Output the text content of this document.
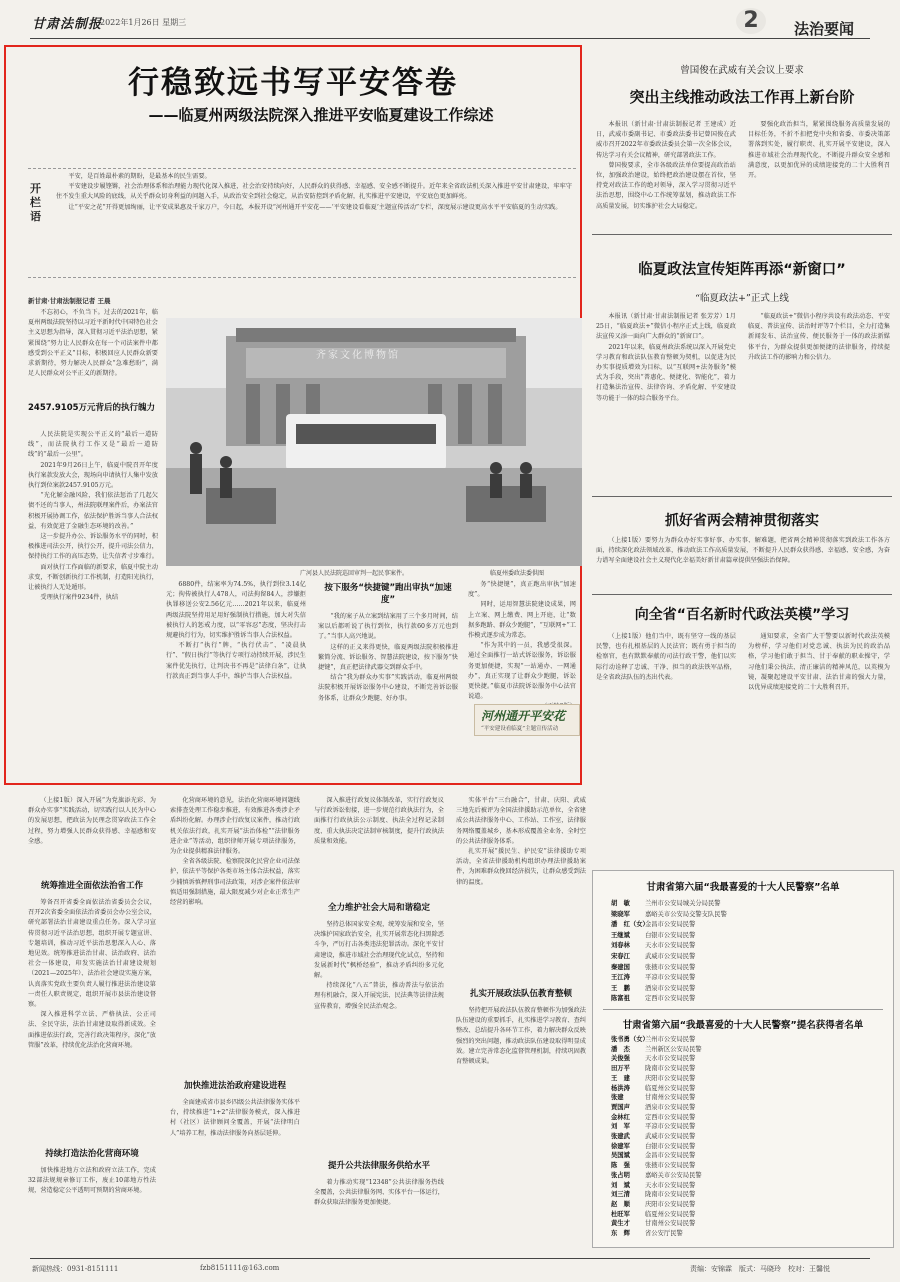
甘肃法制报
2022年1月26日 星期三	2	法治要闻
行稳致远书写平安答卷
——临夏州两级法院深入推进平安临夏建设工作综述
开栏语

平安，是百姓最朴素的期盼，是最基本的民生需要。

平安建设步履铿锵，社会治理体系和治理能力现代化深入推进，社会治安持续向好，人民群众的获得感、幸福感、安全感不断提升。近年来全省政法机关深入推进平安甘肃建设，牢牢守住不发生重大风险的底线，从关乎群众切身利益的问题入手，从政治安全到社会稳定，从治安防控到矛盾化解，扎实推进平安建设，平安底色更加鲜亮。

让“平安之花”开得更加绚丽，让平安成果惠及千家万户，今日起，本报开设“河州通开平安花——‘平安建设看临夏’主题宣传活动”专栏，深度展示建设更高水平平安临夏的生动实践。

新甘肃·甘肃法制报记者 王晨
齐家文化博物馆
广河县人民法院巡回审判一起民事案件。	临夏州委政法委供图

不忘初心，不负当下。过去的2021年，临夏州两级法院坚持以习近平新时代中国特色社会主义思想为指导，深入贯彻习近平法治思想，紧紧围绕“努力让人民群众在每一个司法案件中都感受到公平正义”目标，积极回应人民群众新要求新期待，努力解决人民群众“急难愁盼”，满足人民群众对公平正义的新期待。

2457.9105万元背后的执行魄力

人民法院是实现公平正义的“最后一道防线”，而法院执行工作又是“最后一道防线”的“最后一公里”。

2021年9月26日上午，临夏中院召开年度执行案款发放大会，现场向申请执行人集中发放执行到位案款2457.9105万元。

“光化解金融风险，我们依法惩治了几起欠债不还的当事人，州法院联理案件后，办案法官积极开展协调工作，依法保护胜诉当事人合法权益，有效促进了金融生态环境的改善。”

这一步提升办公、诉讼服务水平的同时，积极推进司法公开，执行公开，提升司法公信力，保持执行工作的高压态势，让失信者寸步难行。

面对执行工作面临的新要求，临夏中院主动求变，不断创新执行工作机制，打造阳光执行，让被执行人无处遁形。

受理执行案件9234件，执结

6880件，结案率为74.5%，执行到位3.14亿元；拘传被执行人478人，司法拘留84人，涉嫌拒执罪移送公安2.56亿元……2021年以来，临夏州两级法院坚持用足用好强制执行措施，加大对失信被执行人的惩戒力度，以“零容忍”态度，坚决打击规避执行行为，切实维护胜诉当事人合法权益。

不断打“执行”牌，“执行伏击”、“凌晨执行”、“假日执行”等执行专项行动持续开展，涉民生案件优先执行，让判决书不再是“法律白条”，让执行款真正到当事人手中，维护当事人合法权益。

按下服务“快捷键”跑出审执“加速度”

“我的案子从立案到结案用了三个多月时间，结案以后都听说了执行到位，执行款60多万元也到了。”当事人高兴地说。

这样的正义来得更快，临夏两级法院积极推进繁简分流、诉讼服务、智慧法院建设，按下服务“快捷键”，真正把法律武器交到群众手中。

结合“我为群众办实事”实践活动，临夏州两级法院积极开展诉讼服务中心建设，不断完善诉讼服务体系，让群众少跑腿、好办事。

务“快捷键”，真正跑出审执“加速度”。

同时，运用智慧法院建设成果，网上立案、网上缴费、网上开庭，让“数据多跑路、群众少跑腿”，“互联网+”工作模式逐步成为常态。

“作为其中的一员，我感受很深。通过全面推行一站式诉讼服务，诉讼服务更加便捷，实现“一站通办、一网通办”，真正实现了让群众少跑腿，诉讼更快捷。”临夏市法院诉讼服务中心法官说道。

河州通开平安花
“平安建设看临夏”主题宣传活动
曾国俊在武威有关会议上要求
突出主线推动政法工作再上新台阶

本报讯（新甘肃·甘肃法制报记者 王建成）近日，武威市委副书记、市委政法委书记曾国俊在武威市召开2022年市委政法委员会第一次全体会议，传达学习有关会议精神，研究部署政法工作。

曾国俊要求，全市各级政法单位要提高政治站位，加强政治建设，始终把政治建设摆在首位，坚持党对政法工作的绝对领导，深入学习贯彻习近平法治思想，围绕中心工作统筹谋划，推动政法工作高质量发展，切实维护社会大局稳定。

要强化政治担当，紧紧围绕服务高质量发展的目标任务，不折不扣把党中央和省委、市委决策部署落到实处，履行职责、扎实开展平安建设，深入推进市域社会治理现代化，不断提升群众安全感和满意度，以更加优异的成绩迎接党的二十大胜利召开。

临夏政法宣传矩阵再添“新窗口”
“临夏政法+”正式上线

本报讯（新甘肃·甘肃法制报记者 张芳芳）1月25日，“临夏政法+”微信小程序正式上线，临夏政法宣传又添一面向广大群众的“新窗口”。

2021年以来，临夏州政法系统以深入开展党史学习教育和政法队伍教育整顿为契机，以促进为民办实事提质增效为目标，以“互联网+法务服务”模式为手段，突出“普惠化、便捷化、智能化”，着力打造集法治宣传、法律咨询、矛盾化解、平安建设等功能于一体的综合服务平台。

“临夏政法+”微信小程序共设有政法动态、平安临夏、普法宣传、法治时评等7个栏目，全力打造集新闻发布、法治宣传、便民服务于一体的政法新媒体平台，为群众提供更加便捷的法律服务，持续提升政法工作的影响力和公信力。

抓好省两会精神贯彻落实

（上接1版）要努力为群众办好实事好事、办实事、解难题，把省两会精神贯彻落实到政法工作各方面，持续深化政法领域改革，推动政法工作高质量发展，不断提升人民群众获得感、幸福感、安全感，为奋力谱写全面建设社会主义现代化幸福美好新甘肃篇章提供坚强法治保障。

向全省“百名新时代政法英模”学习

（上接1版）他们当中，既有坚守一线的基层民警，也有扎根基层的人民法官；既有勇于担当的检察官，也有默默奉献的司法行政干警，他们以实际行动诠释了忠诚、干净、担当的政法铁军品格，是全省政法队伍的杰出代表。

通知要求，全省广大干警要以新时代政法英模为榜样，学习他们对党忠诚、执法为民的政治品格，学习他们敢于担当、甘于奉献的职业操守，学习他们秉公执法、清正廉洁的精神风范，以英模为镜，凝聚起建设平安甘肃、法治甘肃的强大力量，以优异成绩迎接党的二十大胜利召开。

（上接1版）深入开展“为党旗添光彩、为群众办实事”实践活动，切实践行以人民为中心的发展思想，把政法为民理念贯穿政法工作全过程，努力增强人民群众获得感、幸福感和安全感。

统筹推进全面依法治省工作

筹备召开省委全面依法治省委员会会议，召开2次省委全面依法治省委员会办公室会议，研究部署法治甘肃建设重点任务。深入学习宣传贯彻习近平法治思想，组织开展专题宣讲、专题培训，推动习近平法治思想深入人心、落地见效。统筹推进法治甘肃、法治政府、法治社会一体建设，印发实施法治甘肃建设规划（2021—2025年）、法治社会建设实施方案，认真落实党政主要负责人履行推进法治建设第一责任人职责规定，组织开展市县法治建设督察。

深入推进科学立法、严格执法、公正司法、全民守法，法治甘肃建设取得新成效。全面推进依法行政，完善行政决策程序，深化“放管服”改革，持续优化法治化营商环境。

持续打造法治化营商环境

加快推进地方立法和政府立法工作，完成32部法规规章修订工作，废止10部地方性法规，营造稳定公平透明可预期的营商环境。

化营商环境的意见，法治化营商环境问题线索排查处理工作稳步推进，有效推进各类涉企矛盾纠纷化解。办理涉企行政复议案件，推动行政机关依法行政，扎实开展“法治体检”“法律服务进企业”等活动，组织律师开展专项法律服务，为企业提供精准法律服务。

全省各级法院、检察院深化民营企业司法保护，依法平等保护各类市场主体合法权益，落实少捕慎诉慎押刑事司法政策，对涉企案件依法审慎适用强制措施，最大限度减少对企业正常生产经营的影响。

加快推进法治政府建设进程

全面建成省市县乡四级公共法律服务实体平台，持续推进“1+2”法律服务模式，深入推进村（社区）法律顾问全覆盖，开展“法律明白人”培养工程，推动法律服务向基层延伸。

深入推进行政复议体制改革，实行行政复议与行政诉讼衔接，进一步规范行政执法行为，全面推行行政执法公示制度、执法全过程记录制度、重大执法决定法制审核制度，提升行政执法质量和效能。

全力维护社会大局和谐稳定

坚持总体国家安全观，统筹发展和安全，坚决维护国家政治安全，扎实开展常态化扫黑除恶斗争，严厉打击各类违法犯罪活动。深化平安甘肃建设，推进市域社会治理现代化试点，坚持和发展新时代“枫桥经验”，推动矛盾纠纷多元化解。

持续深化“八五”普法，推动普法与依法治理有机融合，深入开展宪法、民法典等法律法规宣传教育，增强全民法治观念。

提升公共法律服务供给水平

着力推动实现“12348”公共法律服务热线全覆盖，公共法律服务网、实体平台一体运行，群众获取法律服务更加便捷。

实体平台“三台融合”，甘肃、庆阳、武威三地先后被评为全国法律援助示范单位，全省建成公共法律服务中心、工作站、工作室，法律服务网络覆盖城乡，基本形成覆盖全业务、全时空的公共法律服务体系。

扎实开展“援民生、护民安”法律援助专项活动，全省法律援助机构组织办理法律援助案件，为困难群众挽回经济损失，让群众感受到法律的温度。

扎实开展政法队伍教育整顿

坚持把开展政法队伍教育整顿作为加强政法队伍建设的重要抓手，扎实推进学习教育、查纠整改、总结提升各环节工作，着力解决群众反映强烈的突出问题，推动政法队伍建设取得明显成效。建立完善常态化监督管理机制，持续巩固教育整顿成果。

甘肃省第六届“我最喜爱的十大人民警察”名单
胡　敏 兰州市公安局城关分局民警
梁晓军 嘉峪关市公安局交警支队民警
潘　红（女）金昌市公安局民警
王继斌 白银市公安局民警
刘春林 天水市公安局民警
宋春江 武威市公安局民警
秦建国 张掖市公安局民警
王江涛 平凉市公安局民警
王　鹏 酒泉市公安局民警
陈富祖 定西市公安局民警
甘肃省第六届“我最喜爱的十大人民警察”提名获得者名单
张书勇（女）兰州市公安局民警
潘　杰 兰州新区公安局民警
关俊强 天水市公安局民警
田万平 陇南市公安局民警
王　建 庆阳市公安局民警
杨洪涛 临夏州公安局民警
张建	甘南州公安局民警
贾国声 酒泉市公安局民警
金林红 定西市公安局民警
刘　军 平凉市公安局民警
张建武 武威市公安局民警
徐建军 白银市公安局民警
吴国斌 金昌市公安局民警
陈　强 张掖市公安局民警
张占明 嘉峪关市公安局民警
刘　斌 天水市公安局民警
刘三清 陇南市公安局民警
赵　顺 庆阳市公安局民警
杜旺军 临夏州公安局民警
黄生才 甘南州公安局民警
东　辉 省公安厅民警
新闻热线：0931-8151111	fzb8151111@163.com	责编：安锦霖　版式：马晓玲　校对：王馨悦
